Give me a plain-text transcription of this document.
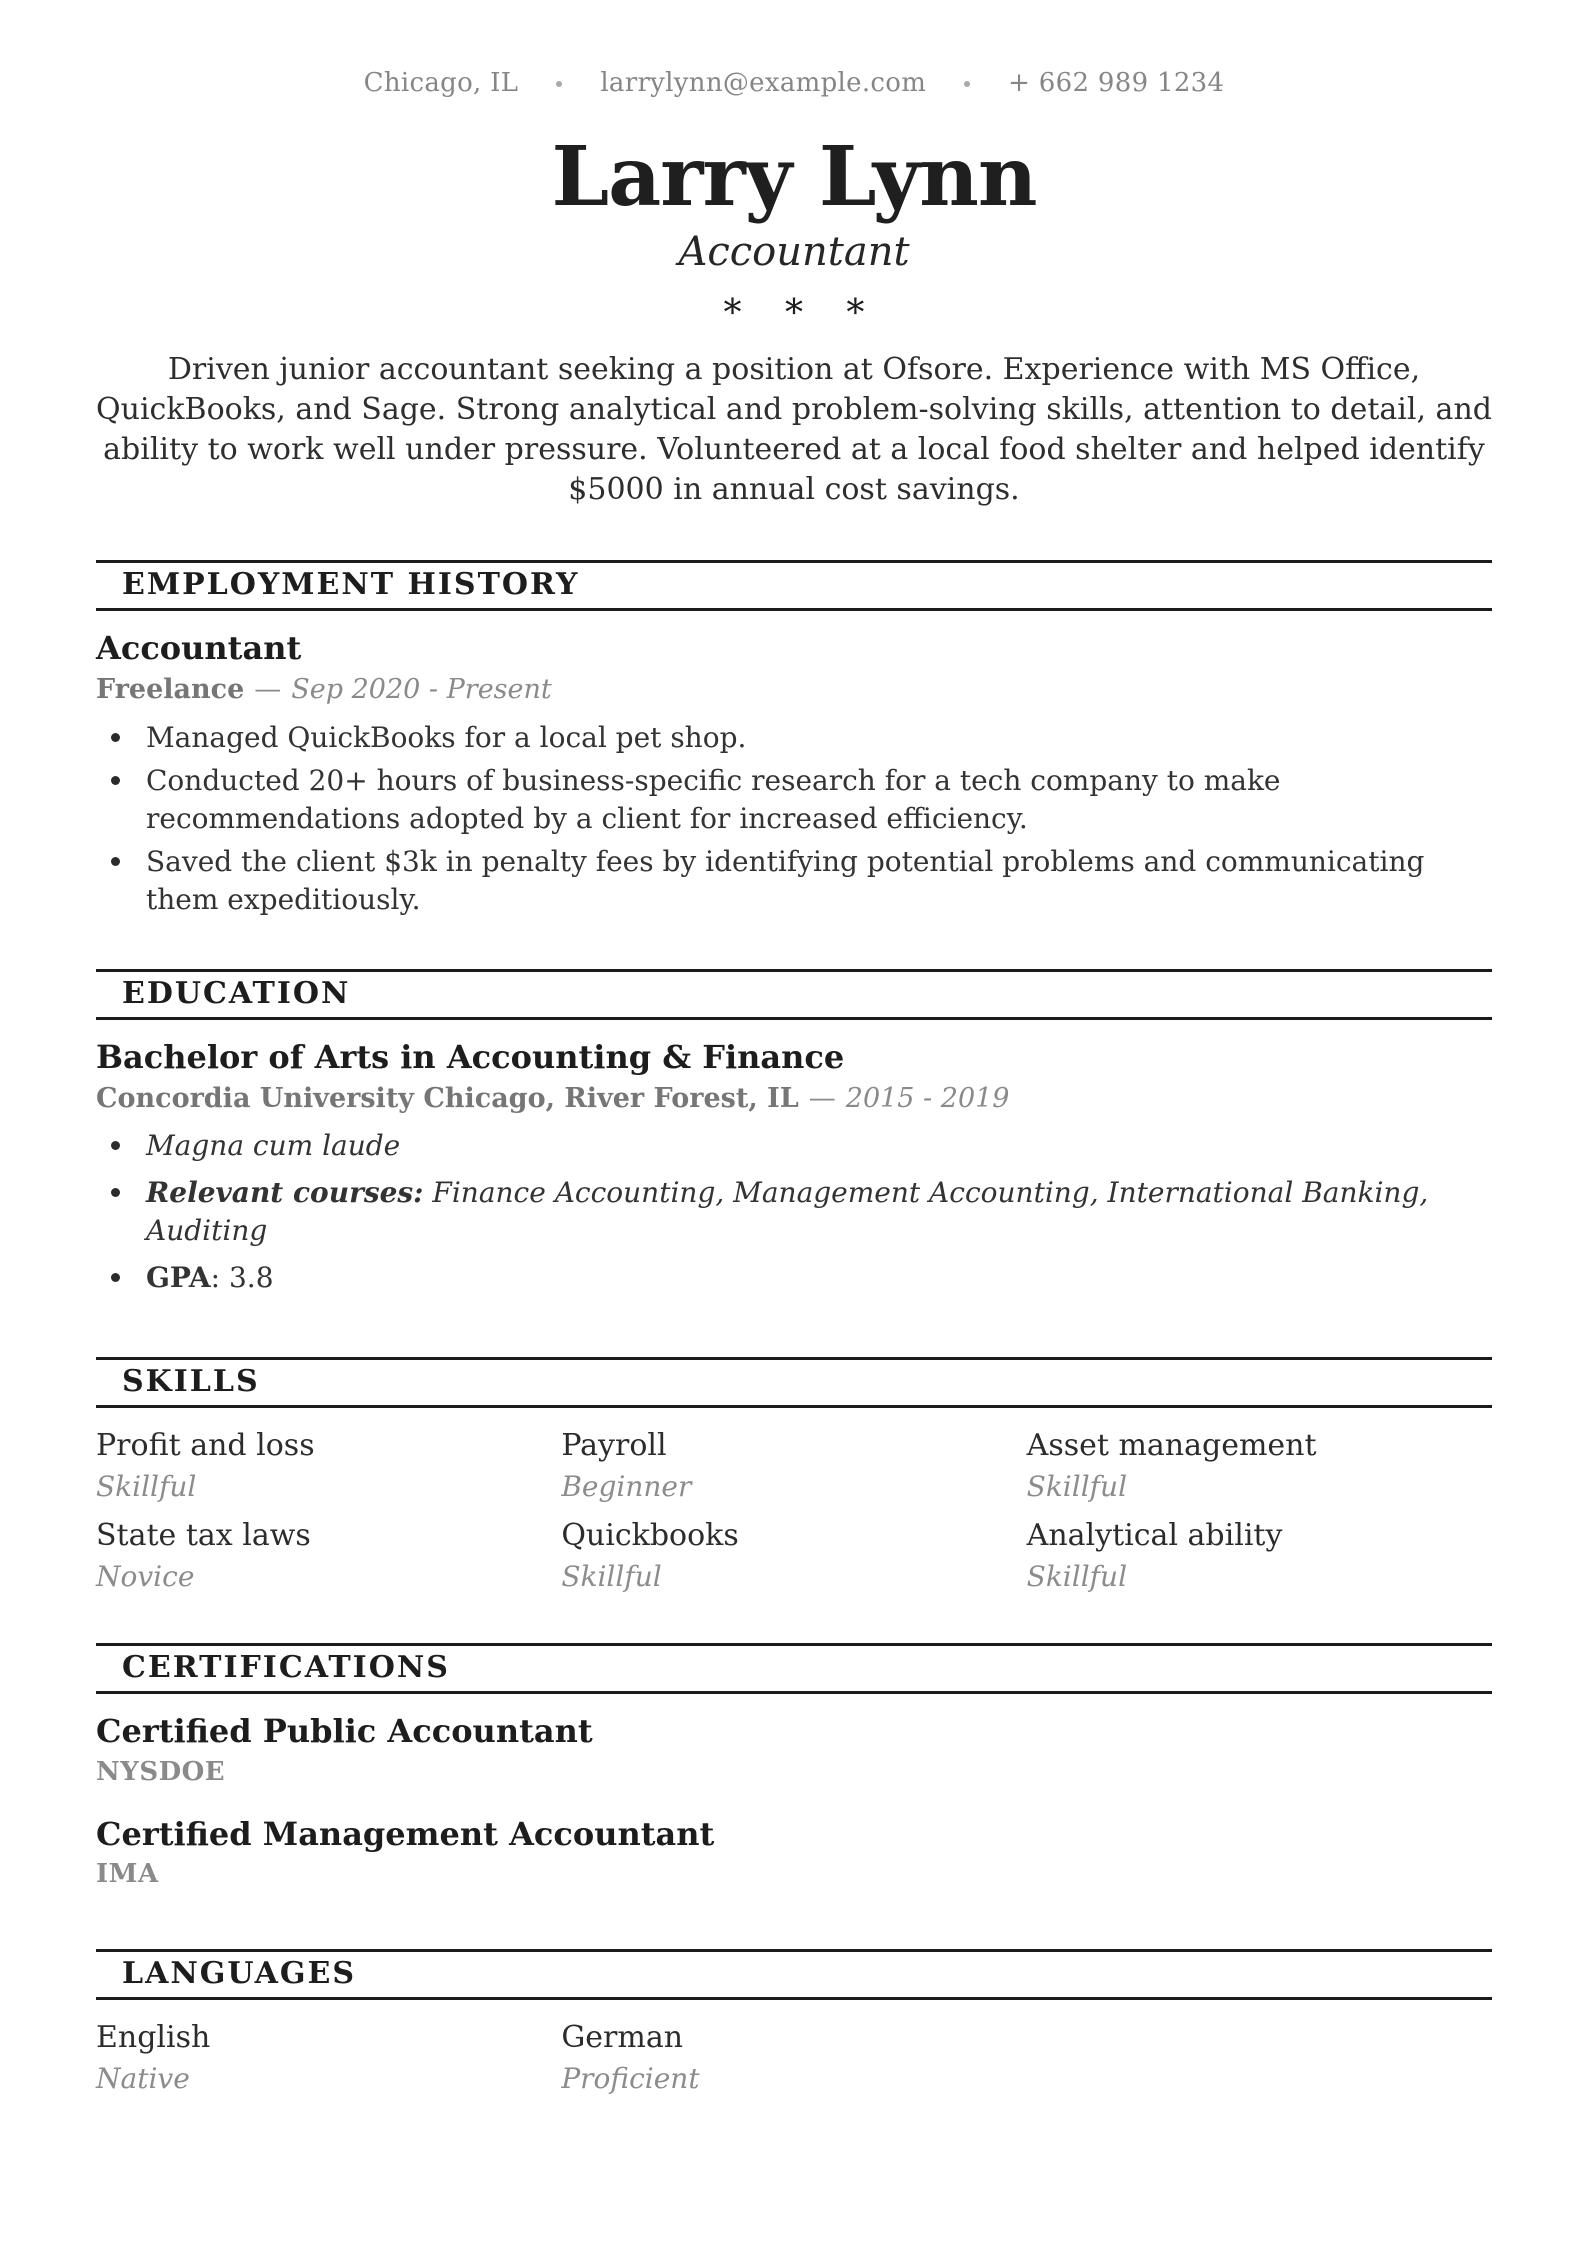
Chicago, IL	larrylynn@example.com	+ 662 989 1234
Larry Lynn
Accountant
* * *

Driven junior accountant seeking a position at Ofsore. Experience with MS Office, QuickBooks, and Sage. Strong analytical and problem-solving skills, attention to detail, and ability to work well under pressure. Volunteered at a local food shelter and helped identify $5000 in annual cost savings.

EMPLOYMENT HISTORY
Accountant

Freelance — Sep 2020 - Present

Managed QuickBooks for a local pet shop.
Conducted 20+ hours of business-specific research for a tech company to make recommendations adopted by a client for increased efficiency.
Saved the client $3k in penalty fees by identifying potential problems and communicating them expeditiously.
EDUCATION
Bachelor of Arts in Accounting & Finance

Concordia University Chicago, River Forest, IL — 2015 - 2019

Magna cum laude
Relevant courses: Finance Accounting, Management Accounting, International Banking, Auditing
GPA: 3.8
SKILLS
Profit and loss
Skillful
Payroll
Beginner
Asset management
Skillful
State tax laws
Novice
Quickbooks
Skillful
Analytical ability
Skillful
CERTIFICATIONS
Certified Public Accountant
NYSDOE
Certified Management Accountant
IMA
LANGUAGES
English
Native
German
Proficient
